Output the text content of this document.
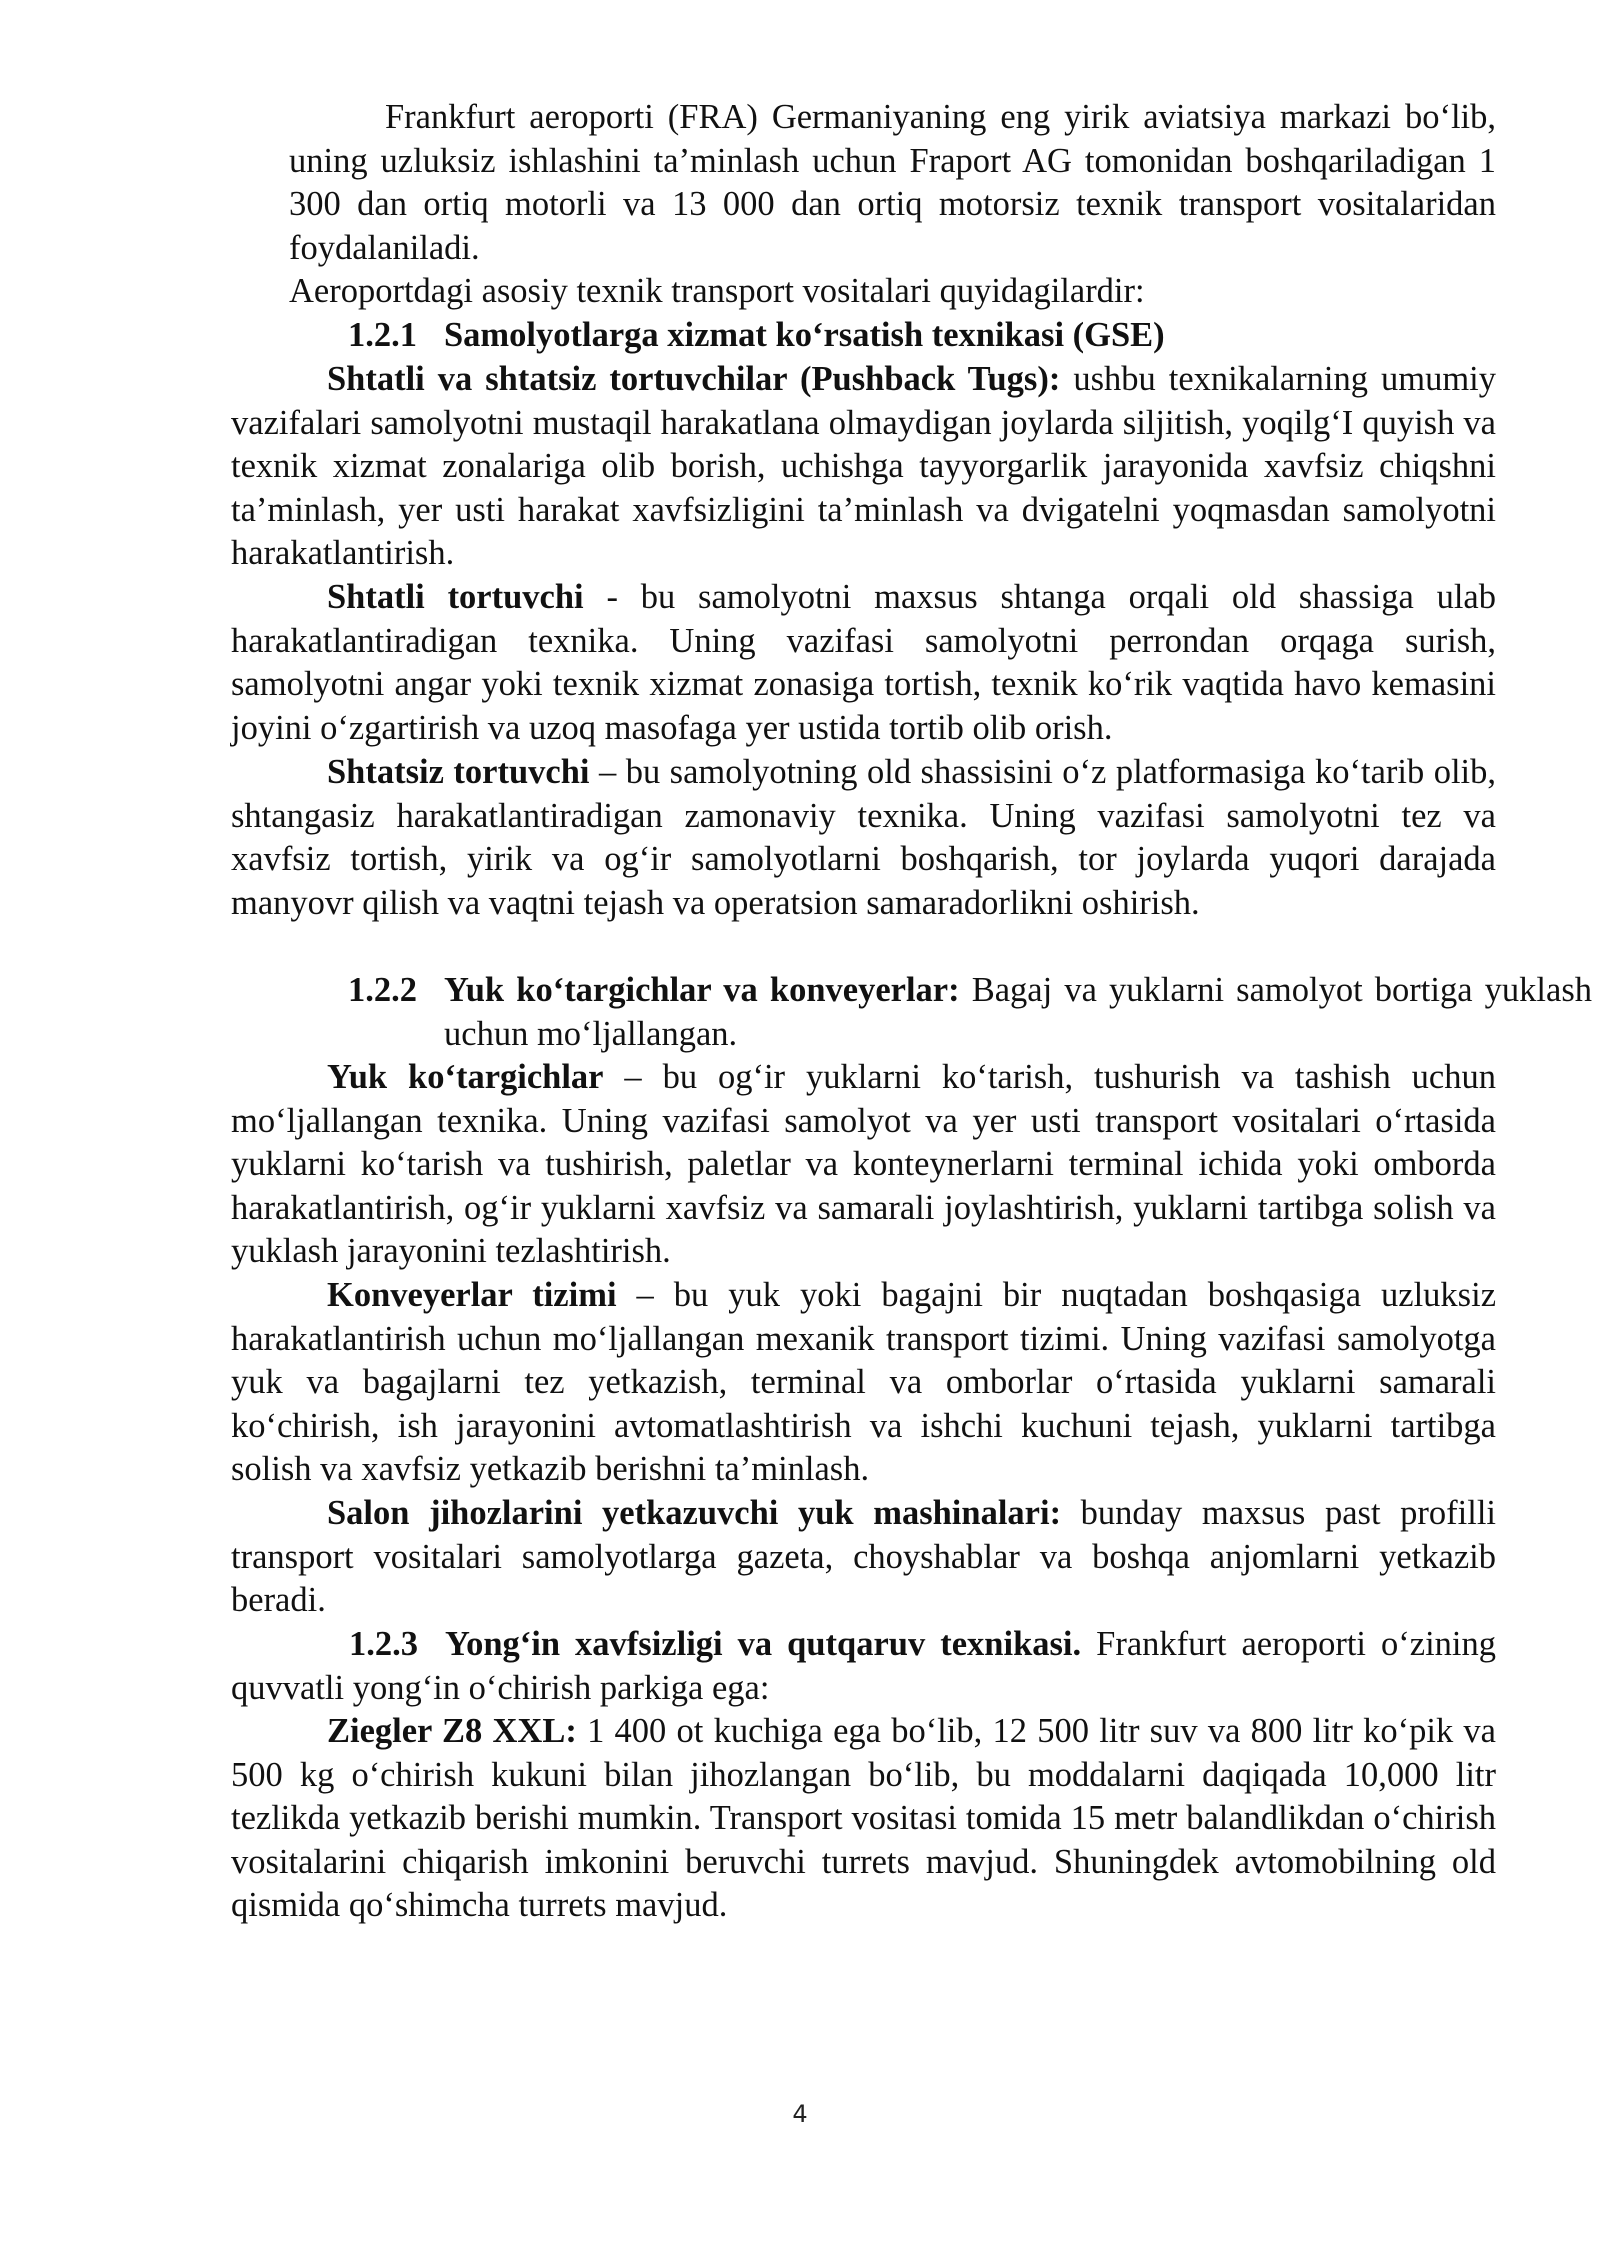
Frankfurt aeroporti (FRA) Germaniyaning eng yirik aviatsiya markazi bo‘lib, uning uzluksiz ishlashini ta’minlash uchun Fraport AG tomonidan boshqariladigan 1 300 dan ortiq motorli va 13 000 dan ortiq motorsiz texnik transport vositalaridan foydalaniladi.

Aeroportdagi asosiy texnik transport vositalari quyidagilardir:

1.2.1 Samolyotlarga xizmat ko‘rsatish texnikasi (GSE)

Shtatli va shtatsiz tortuvchilar (Pushback Tugs): ushbu texnikalarning umumiy vazifalari samolyotni mustaqil harakatlana olmaydigan joylarda siljitish, yoqilg‘I quyish va texnik xizmat zonalariga olib borish, uchishga tayyorgarlik jarayonida xavfsiz chiqshni ta’minlash, yer usti harakat xavfsizligini ta’minlash va dvigatelni yoqmasdan samolyotni harakatlantirish.

Shtatli tortuvchi - bu samolyotni maxsus shtanga orqali old shassiga ulab harakatlantiradigan texnika. Uning vazifasi samolyotni perrondan orqaga surish, samolyotni angar yoki texnik xizmat zonasiga tortish, texnik ko‘rik vaqtida havo kemasini joyini o‘zgartirish va uzoq masofaga yer ustida tortib olib orish.

Shtatsiz tortuvchi – bu samolyotning old shassisini o‘z platformasiga ko‘tarib olib, shtangasiz harakatlantiradigan zamonaviy texnika. Uning vazifasi samolyotni tez va xavfsiz tortish, yirik va og‘ir samolyotlarni boshqarish, tor joylarda yuqori darajada manyovr qilish va vaqtni tejash va operatsion samaradorlikni oshirish.

1.2.2 Yuk ko‘targichlar va konveyerlar: Bagaj va yuklarni samolyot bortiga yuklash uchun mo‘ljallangan.

Yuk ko‘targichlar – bu og‘ir yuklarni ko‘tarish, tushurish va tashish uchun mo‘ljallangan texnika. Uning vazifasi samolyot va yer usti transport vositalari o‘rtasida yuklarni ko‘tarish va tushirish, paletlar va konteynerlarni terminal ichida yoki omborda harakatlantirish, og‘ir yuklarni xavfsiz va samarali joylashtirish, yuklarni tartibga solish va yuklash jarayonini tezlashtirish.

Konveyerlar tizimi – bu yuk yoki bagajni bir nuqtadan boshqasiga uzluksiz harakatlantirish uchun mo‘ljallangan mexanik transport tizimi. Uning vazifasi samolyotga yuk va bagajlarni tez yetkazish, terminal va omborlar o‘rtasida yuklarni samarali ko‘chirish, ish jarayonini avtomatlashtirish va ishchi kuchuni tejash, yuklarni tartibga solish va xavfsiz yetkazib berishni ta’minlash.

Salon jihozlarini yetkazuvchi yuk mashinalari: bunday maxsus past profilli transport vositalari samolyotlarga gazeta, choyshablar va boshqa anjomlarni yetkazib beradi.

1.2.3 Yong‘in xavfsizligi va qutqaruv texnikasi. Frankfurt aeroporti o‘zining quvvatli yong‘in o‘chirish parkiga ega:

Ziegler Z8 XXL: 1 400 ot kuchiga ega bo‘lib, 12 500 litr suv va 800 litr ko‘pik va 500 kg o‘chirish kukuni bilan jihozlangan bo‘lib, bu moddalarni daqiqada 10,000 litr tezlikda yetkazib berishi mumkin. Transport vositasi tomida 15 metr balandlikdan o‘chirish vositalarini chiqarish imkonini beruvchi turrets mavjud. Shuningdek avtomobilning old qismida qo‘shimcha turrets mavjud.

4
